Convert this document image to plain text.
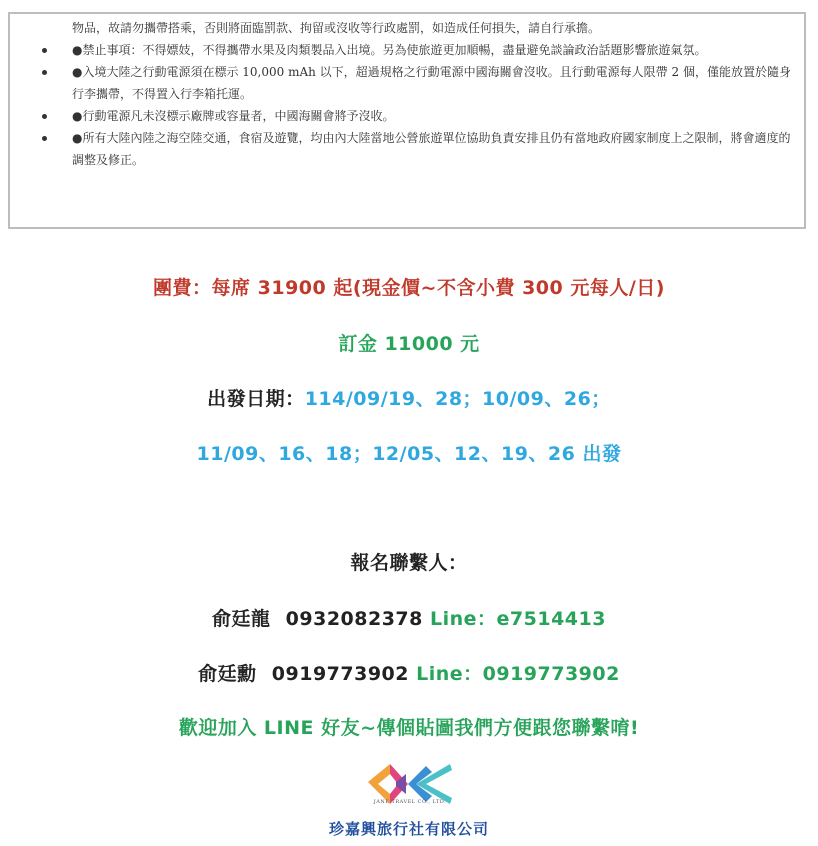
物品，故請勿攜帶搭乘，否則將面臨罰款、拘留或沒收等行政處罰，如造成任何損失，請自行承擔。
●禁止事項：不得嫖妓，不得攜帶水果及肉類製品入出境。另為使旅遊更加順暢，盡量避免談論政治話題影響旅遊氣氛。
●入境大陸之行動電源須在標示 10,000 mAh 以下，超過規格之行動電源中國海關會沒收。且行動電源每人限帶 2 個，僅能放置於隨身行李攜帶，不得置入行李箱托運。
●行動電源凡未沒標示廠牌或容量者，中國海關會將予沒收。
●所有大陸內陸之海空陸交通，食宿及遊覽，均由內大陸當地公營旅遊單位協助負責安排且仍有當地政府國家制度上之限制，將會適度的調整及修正。
團費：每席 31900 起(現金價~不含小費 300 元每人/日)
訂金 11000 元
出發日期：114/09/19、28；10/09、26；
11/09、16、18；12/05、12、19、26 出發
報名聯繫人：
俞廷龍 0932082378 Line：e7514413
俞廷勳 0919773902 Line：0919773902
歡迎加入 LINE 好友~傳個貼圖我們方便跟您聯繫唷!
JANE TRAVEL CO., LTD.
珍嘉興旅行社有限公司
